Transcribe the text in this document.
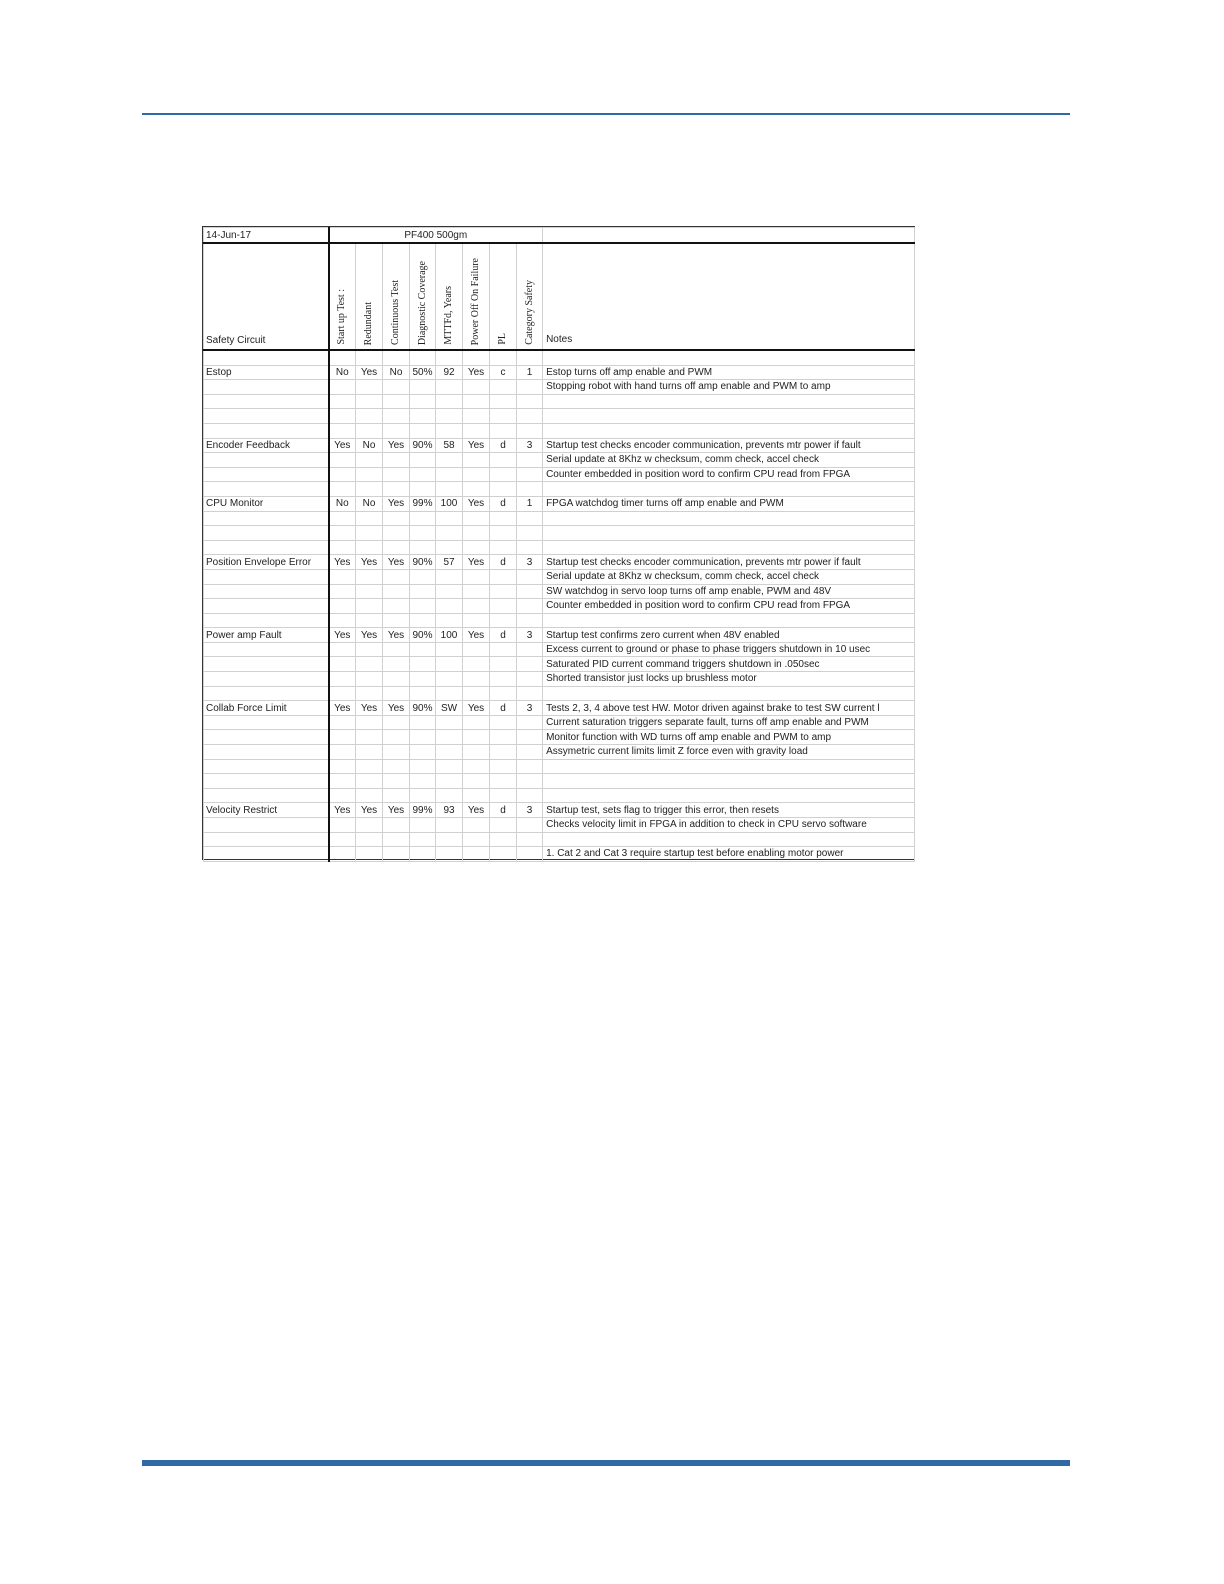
14-Jun-17	PF400 500gm								
Safety Circuit	Start up Test :	Redundant	Continuous Test	Diagnostic Coverage	MTTFd, Years	Power Off On Failure	PL	Category Safety	Notes

Estop	No	Yes	No	50%	92	Yes	c	1	Estop turns off amp enable and PWM
									Stopping robot with hand turns off amp enable and PWM to amp

Encoder Feedback	Yes	No	Yes	90%	58	Yes	d	3	Startup test checks encoder communication, prevents mtr power if fault
									Serial update at 8Khz w checksum, comm check, accel check
									Counter embedded in position word to confirm CPU read from FPGA

CPU Monitor	No	No	Yes	99%	100	Yes	d	1	FPGA watchdog timer turns off amp enable and PWM

Position Envelope Error	Yes	Yes	Yes	90%	57	Yes	d	3	Startup test checks encoder communication, prevents mtr power if fault
									Serial update at 8Khz w checksum, comm check, accel check
									SW watchdog in servo loop turns off amp enable, PWM and 48V
									Counter embedded in position word to confirm CPU read from FPGA

Power amp Fault	Yes	Yes	Yes	90%	100	Yes	d	3	Startup test confirms zero current when 48V enabled
									Excess current to ground or phase to phase triggers shutdown in 10 usec
									Saturated PID current command triggers shutdown in .050sec
									Shorted transistor just locks up brushless motor

Collab Force Limit	Yes	Yes	Yes	90%	SW	Yes	d	3	Tests 2, 3, 4 above test HW. Motor driven against brake to test SW current l
									Current saturation triggers separate fault, turns off amp enable and PWM
									Monitor function with WD turns off amp enable and PWM to amp
									Assymetric current limits limit Z force even with gravity load

Velocity Restrict	Yes	Yes	Yes	99%	93	Yes	d	3	Startup test, sets flag to trigger this error, then resets
									Checks velocity limit in FPGA in addition to check in CPU servo software

									1. Cat 2 and Cat 3 require startup test before enabling motor power
